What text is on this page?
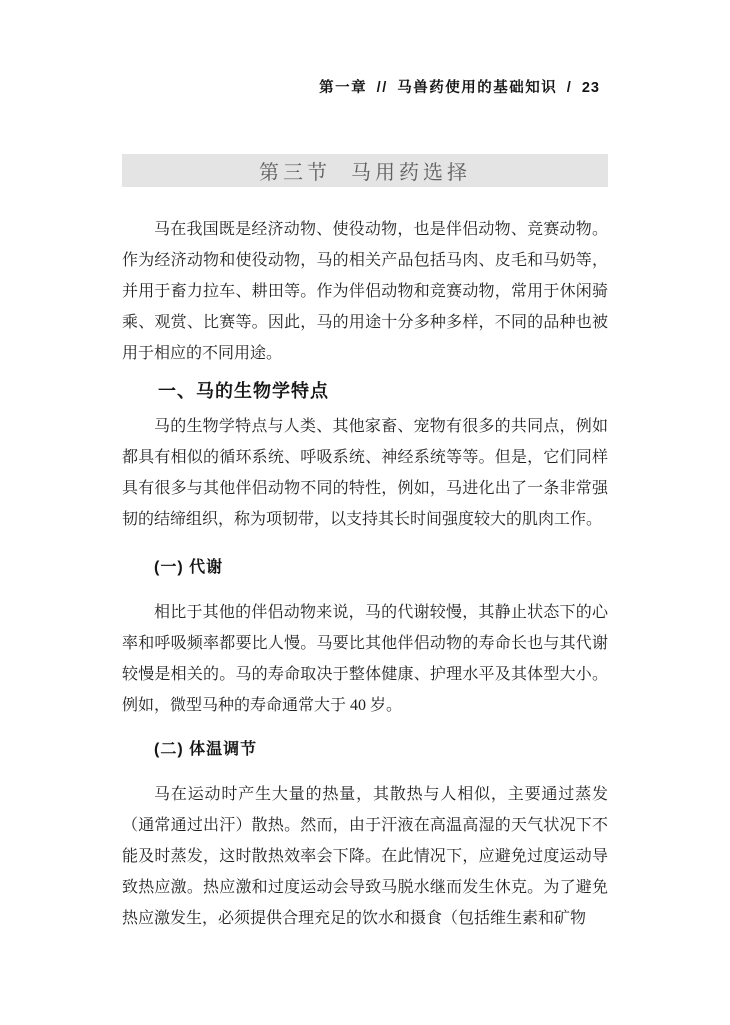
第一章 // 马兽药使用的基础知识 / 23
第三节 马用药选择

马在我国既是经济动物、使役动物，也是伴侣动物、竞赛动物。作为经济动物和使役动物，马的相关产品包括马肉、皮毛和马奶等，并用于畜力拉车、耕田等。作为伴侣动物和竞赛动物，常用于休闲骑乘、观赏、比赛等。因此，马的用途十分多种多样，不同的品种也被用于相应的不同用途。

一、马的生物学特点

马的生物学特点与人类、其他家畜、宠物有很多的共同点，例如都具有相似的循环系统、呼吸系统、神经系统等等。但是，它们同样具有很多与其他伴侣动物不同的特性，例如，马进化出了一条非常强韧的结缔组织，称为项韧带，以支持其长时间强度较大的肌肉工作。

(一) 代谢

相比于其他的伴侣动物来说，马的代谢较慢，其静止状态下的心率和呼吸频率都要比人慢。马要比其他伴侣动物的寿命长也与其代谢较慢是相关的。马的寿命取决于整体健康、护理水平及其体型大小。例如，微型马种的寿命通常大于 40 岁。

(二) 体温调节

马在运动时产生大量的热量，其散热与人相似，主要通过蒸发（通常通过出汗）散热。然而，由于汗液在高温高湿的天气状况下不能及时蒸发，这时散热效率会下降。在此情况下，应避免过度运动导致热应激。热应激和过度运动会导致马脱水继而发生休克。为了避免热应激发生，必须提供合理充足的饮水和摄食（包括维生素和矿物
